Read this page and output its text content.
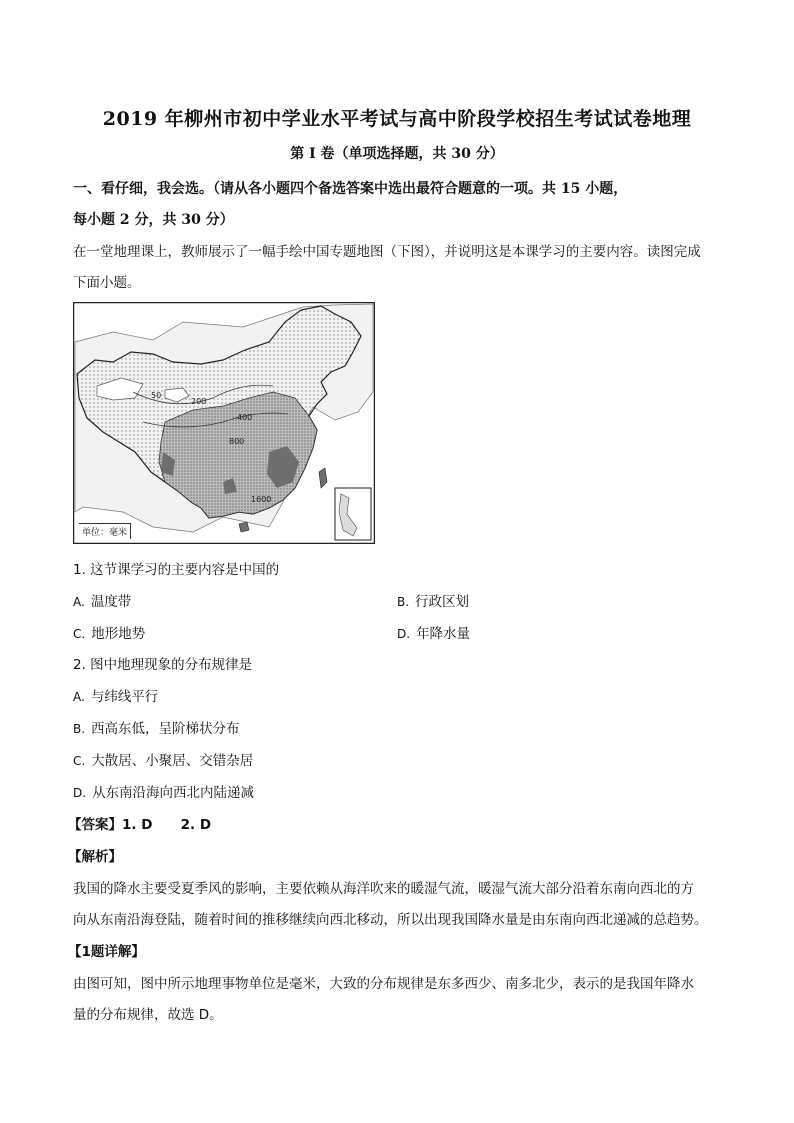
2019 年柳州市初中学业水平考试与高中阶段学校招生考试试卷地理
第 I 卷（单项选择题，共 30 分）
一、看仔细，我会选。（请从各小题四个备选答案中选出最符合题意的一项。共 15 小题，
每小题 2 分，共 30 分）
在一堂地理课上，教师展示了一幅手绘中国专题地图（下图），并说明这是本课学习的主要内容。读图完成
下面小题。
50
200
400
800
1600
单位：毫米
1. 这节课学习的主要内容是中国的
A. 温度带	B. 行政区划
C. 地形地势	D. 年降水量
2. 图中地理现象的分布规律是
A. 与纬线平行
B. 西高东低，呈阶梯状分布
C. 大散居、小聚居、交错杂居
D. 从东南沿海向西北内陆递减
【答案】1. D      2. D
【解析】
我国的降水主要受夏季风的影响，主要依赖从海洋吹来的暖湿气流，暖湿气流大部分沿着东南向西北的方
向从东南沿海登陆，随着时间的推移继续向西北移动，所以出现我国降水量是由东南向西北递减的总趋势。
【1题详解】
由图可知，图中所示地理事物单位是毫米，大致的分布规律是东多西少、南多北少，表示的是我国年降水
量的分布规律，故选 D。
